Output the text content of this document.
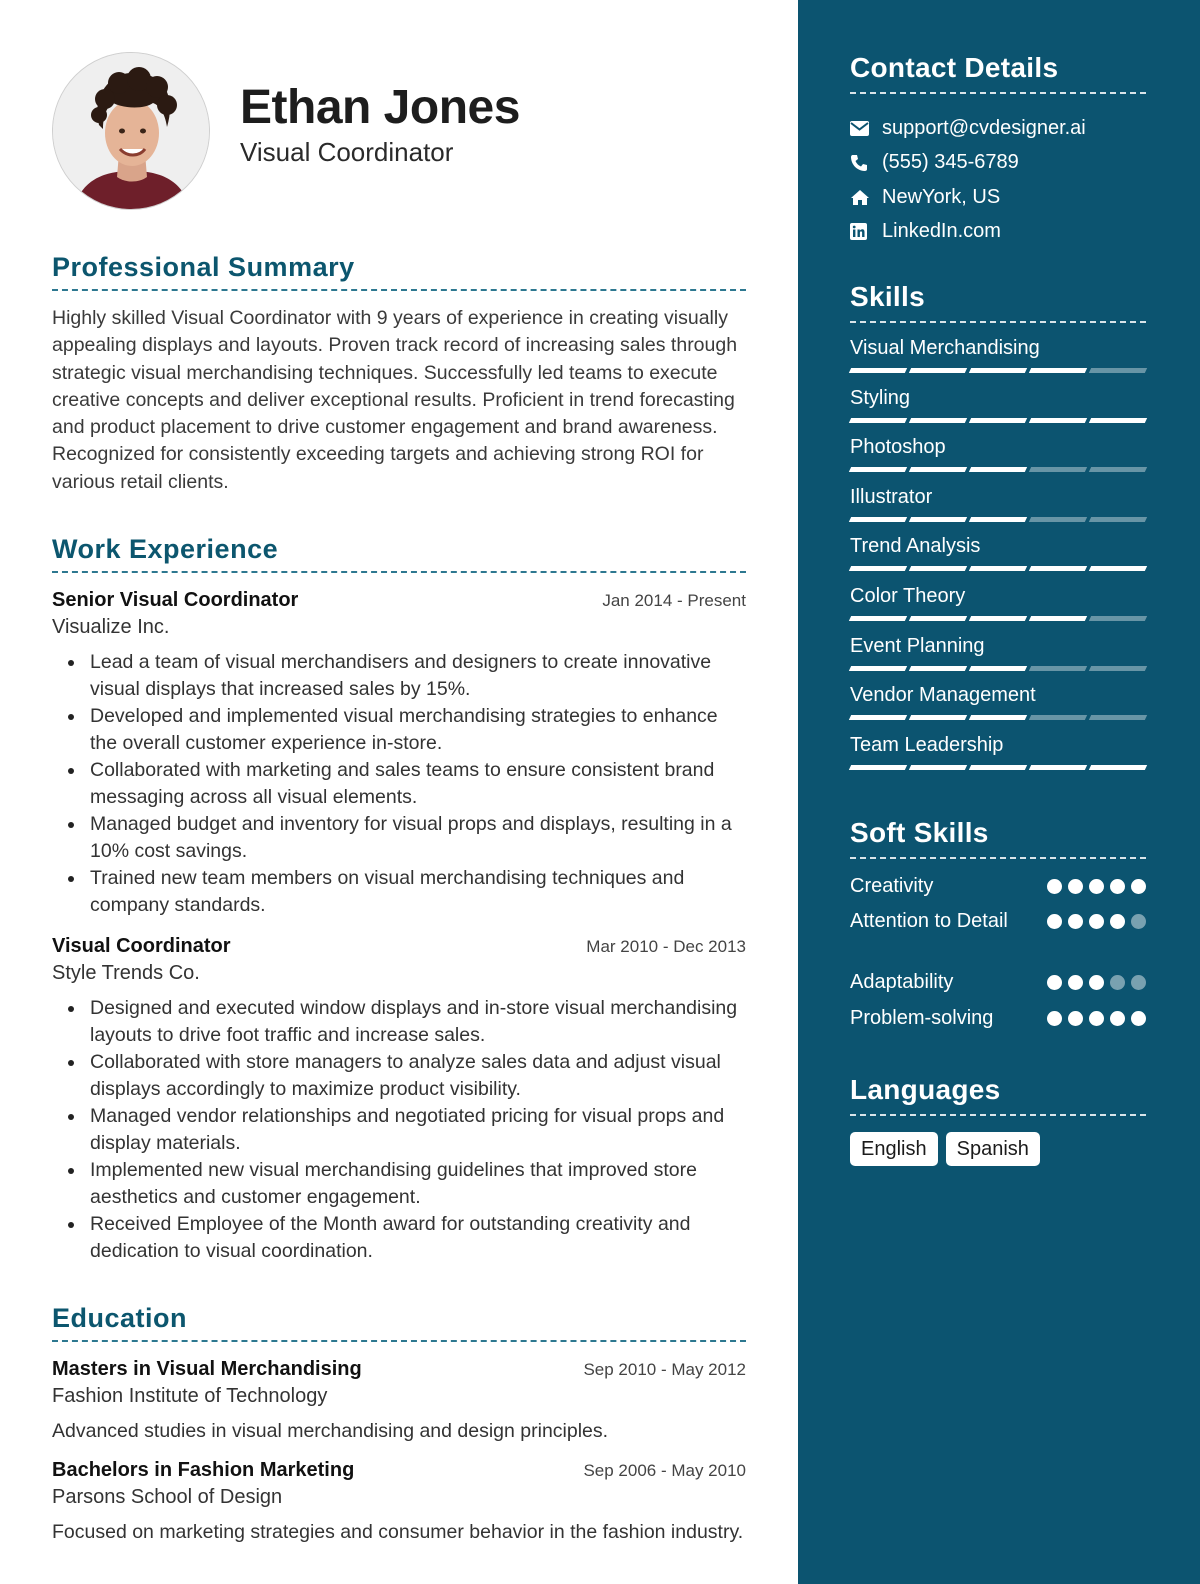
Ethan Jones
Visual Coordinator
Professional Summary

Highly skilled Visual Coordinator with 9 years of experience in creating visually appealing displays and layouts. Proven track record of increasing sales through strategic visual merchandising techniques. Successfully led teams to execute creative concepts and deliver exceptional results. Proficient in trend forecasting and product placement to drive customer engagement and brand awareness. Recognized for consistently exceeding targets and achieving strong ROI for various retail clients.

Work Experience
Senior Visual Coordinator	Jan 2014 - Present
Visualize Inc.
Lead a team of visual merchandisers and designers to create innovative visual displays that increased sales by 15%.
Developed and implemented visual merchandising strategies to enhance the overall customer experience in-store.
Collaborated with marketing and sales teams to ensure consistent brand messaging across all visual elements.
Managed budget and inventory for visual props and displays, resulting in a 10% cost savings.
Trained new team members on visual merchandising techniques and company standards.
Visual Coordinator	Mar 2010 - Dec 2013
Style Trends Co.
Designed and executed window displays and in-store visual merchandising layouts to drive foot traffic and increase sales.
Collaborated with store managers to analyze sales data and adjust visual displays accordingly to maximize product visibility.
Managed vendor relationships and negotiated pricing for visual props and display materials.
Implemented new visual merchandising guidelines that improved store aesthetics and customer engagement.
Received Employee of the Month award for outstanding creativity and dedication to visual coordination.
Education
Masters in Visual Merchandising	Sep 2010 - May 2012
Fashion Institute of Technology
Advanced studies in visual merchandising and design principles.
Bachelors in Fashion Marketing	Sep 2006 - May 2010
Parsons School of Design
Focused on marketing strategies and consumer behavior in the fashion industry.
Contact Details
support@cvdesigner.ai
(555) 345-6789
NewYork, US
LinkedIn.com
Skills
Visual Merchandising
Styling
Photoshop
Illustrator
Trend Analysis
Color Theory
Event Planning
Vendor Management
Team Leadership
Soft Skills
Creativity
Attention to Detail
Adaptability
Problem-solving
Languages
English	Spanish
